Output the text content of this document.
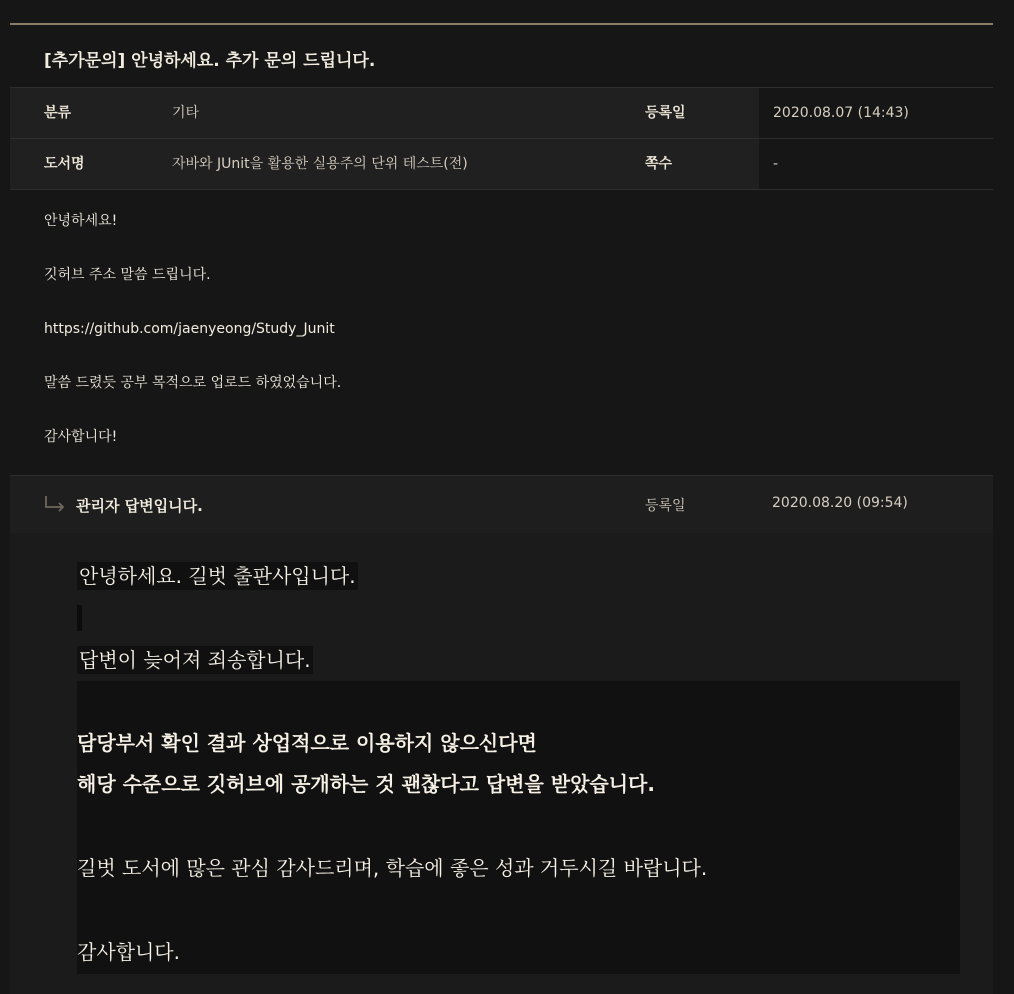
[추가문의] 안녕하세요. 추가 문의 드립니다.
분류	기타	등록일	2020.08.07 (14:43)
도서명	자바와 JUnit을 활용한 실용주의 단위 테스트(전)	쪽수	-

안녕하세요!

깃허브 주소 말씀 드립니다.

https://github.com/jaenyeong/Study_Junit

말씀 드렸듯 공부 목적으로 업로드 하였었습니다.

감사합니다!

관리자 답변입니다.	등록일	2020.08.20 (09:54)
안녕하세요. 길벗 출판사입니다.
답변이 늦어져 죄송합니다.
담당부서 확인 결과 상업적으로 이용하지 않으신다면
해당 수준으로 깃허브에 공개하는 것 괜찮다고 답변을 받았습니다.
길벗 도서에 많은 관심 감사드리며, 학습에 좋은 성과 거두시길 바랍니다.
감사합니다.
